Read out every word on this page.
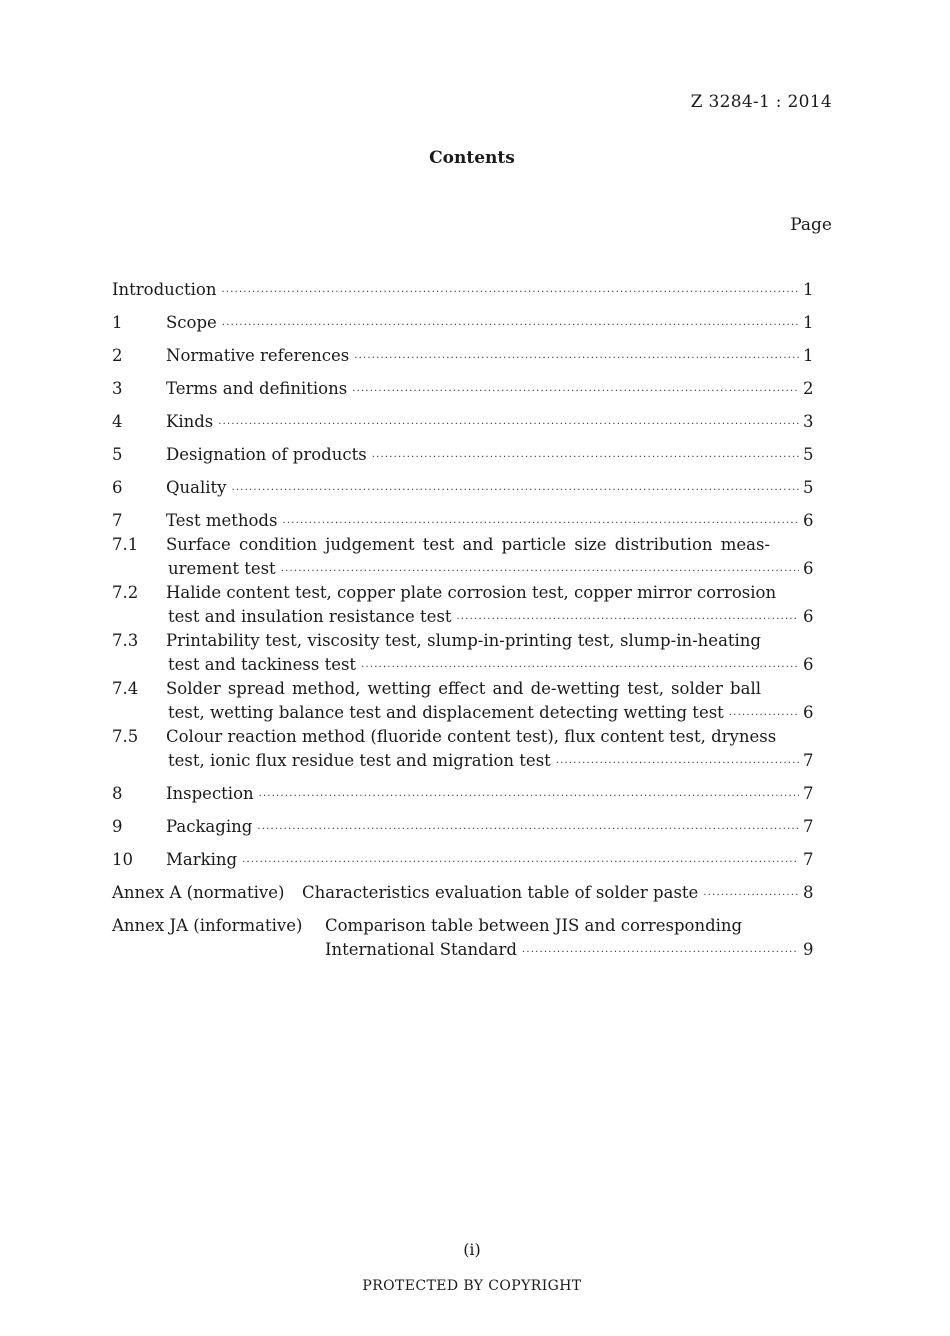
Z 3284-1 : 2014
Contents
Page
Introduction ·····	1
1	Scope ·····	1
2	Normative references ·····	1
3	Terms and definitions ·····	2
4	Kinds ·····	3
5	Designation of products ·····	5
6	Quality ·····	5
7	Test methods ·····	6
7.1	Surface condition judgement test and particle size distribution meas-
urement test ·····	6
7.2	Halide content test, copper plate corrosion test, copper mirror corrosion
test and insulation resistance test ·····	6
7.3	Printability test, viscosity test, slump-in-printing test, slump-in-heating
test and tackiness test ·····	6
7.4	Solder spread method, wetting effect and de-wetting test, solder ball
test, wetting balance test and displacement detecting wetting test ·····	6
7.5	Colour reaction method (fluoride content test), flux content test, dryness
test, ionic flux residue test and migration test ·····	7
8	Inspection ·····	7
9	Packaging ·····	7
10	Marking ·····	7
Annex A (normative)	Characteristics evaluation table of solder paste ·····	8
Annex JA (informative)	Comparison table between JIS and corresponding
International Standard ·····	9
(i)
PROTECTED BY COPYRIGHT
